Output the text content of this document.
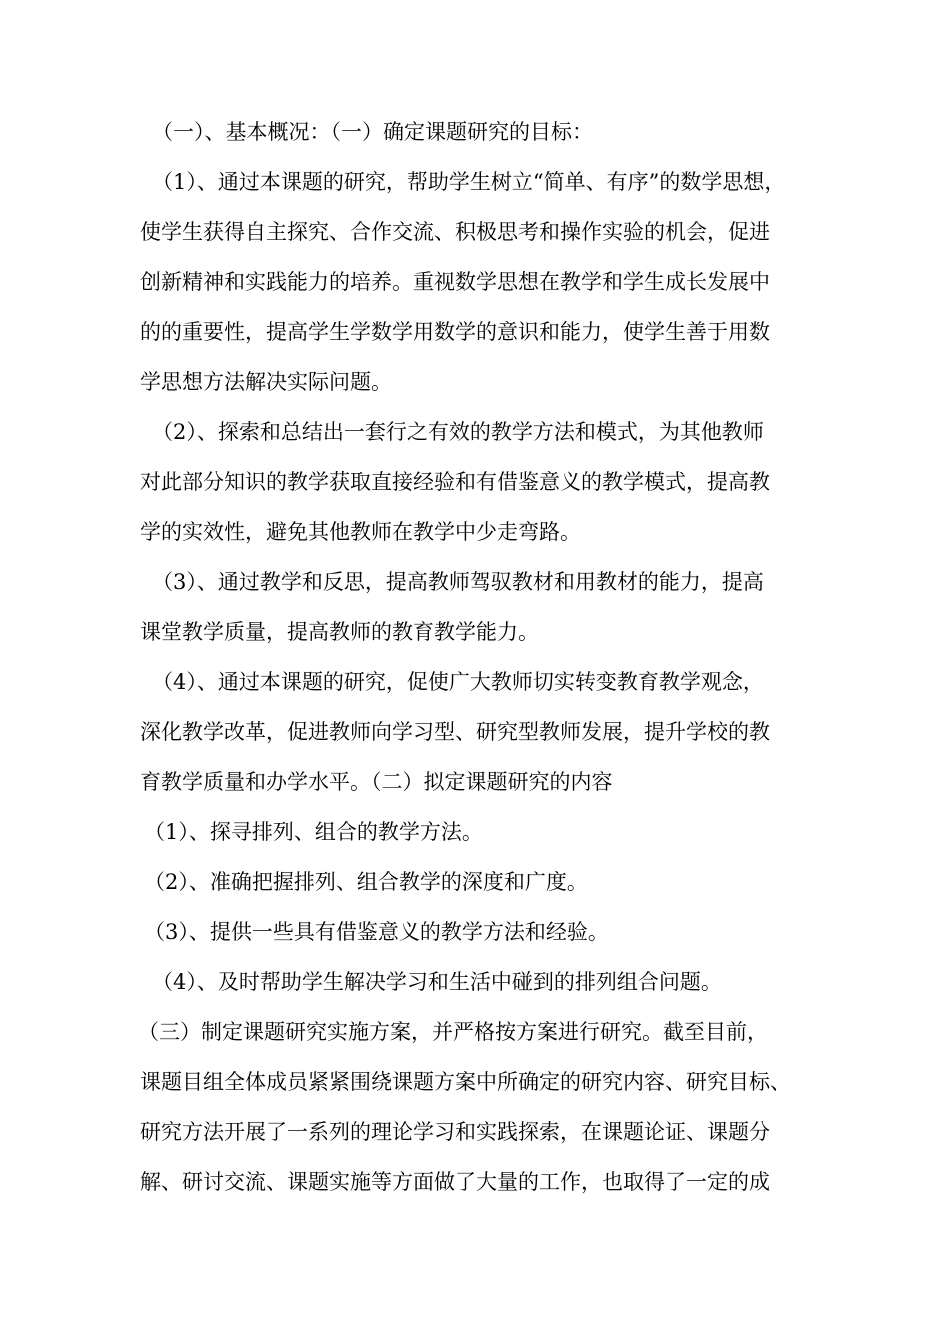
（一）、基本概况：（一）确定课题研究的目标：
（1）、通过本课题的研究，帮助学生树立“简单、有序”的数学思想，
使学生获得自主探究、合作交流、积极思考和操作实验的机会，促进
创新精神和实践能力的培养。重视数学思想在教学和学生成长发展中
的的重要性，提高学生学数学用数学的意识和能力，使学生善于用数
学思想方法解决实际问题。
（2）、探索和总结出一套行之有效的教学方法和模式，为其他教师
对此部分知识的教学获取直接经验和有借鉴意义的教学模式，提高教
学的实效性，避免其他教师在教学中少走弯路。
（3）、通过教学和反思，提高教师驾驭教材和用教材的能力，提高
课堂教学质量，提高教师的教育教学能力。
（4）、通过本课题的研究，促使广大教师切实转变教育教学观念，
深化教学改革，促进教师向学习型、研究型教师发展，提升学校的教
育教学质量和办学水平。（二）拟定课题研究的内容
（1）、探寻排列、组合的教学方法。
（2）、准确把握排列、组合教学的深度和广度。
（3）、提供一些具有借鉴意义的教学方法和经验。
（4）、及时帮助学生解决学习和生活中碰到的排列组合问题。
（三）制定课题研究实施方案，并严格按方案进行研究。截至目前，
课题目组全体成员紧紧围绕课题方案中所确定的研究内容、研究目标、
研究方法开展了一系列的理论学习和实践探索，在课题论证、课题分
解、研讨交流、课题实施等方面做了大量的工作，也取得了一定的成
